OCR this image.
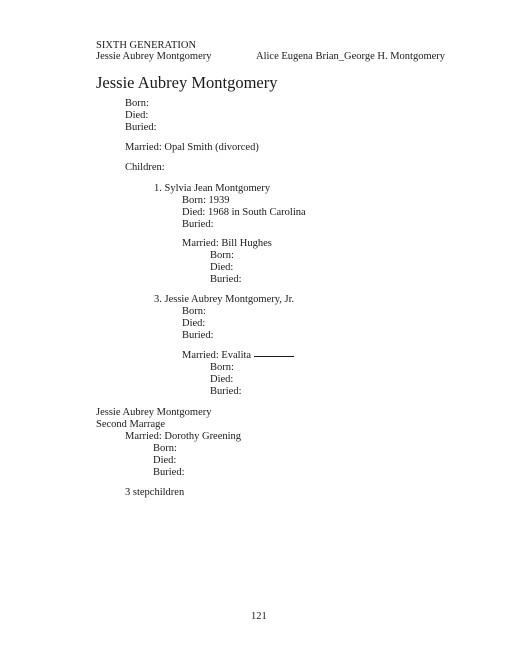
SIXTH GENERATION
Jessie Aubrey Montgomery	Alice Eugena Brian_George H. Montgomery
Jessie Aubrey Montgomery
Born:
Died:
Buried:
Married: Opal Smith (divorced)
Children:
1. Sylvia Jean Montgomery
Born: 1939
Died: 1968 in South Carolina
Buried:
Married: Bill Hughes
Born:
Died:
Buried:
3. Jessie Aubrey Montgomery, Jr.
Born:
Died:
Buried:
Married: Evalita
Born:
Died:
Buried:
Jessie Aubrey Montgomery
Second Marrage
Married: Dorothy Greening
Born:
Died:
Buried:
3 stepchildren
121
